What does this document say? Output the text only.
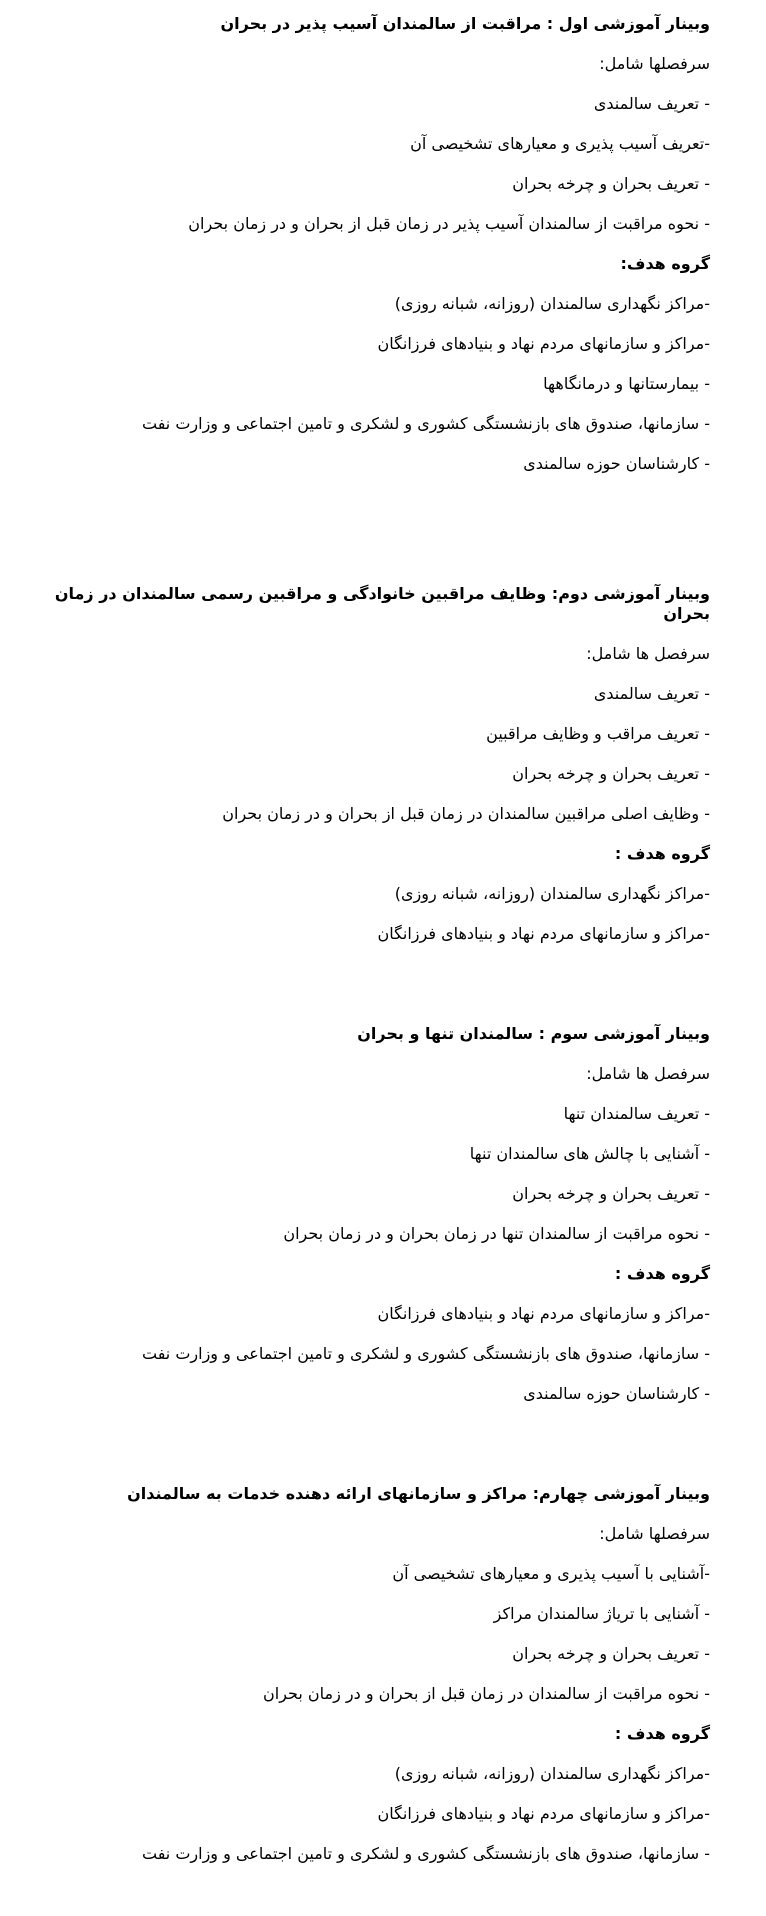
وبینار آموزشی اول : مراقبت از سالمندان آسیب پذیر در بحران

سرفصلها شامل:

- تعریف سالمندی

-تعریف آسیب پذیری و معیارهای تشخیصی آن

- تعریف بحران و چرخه بحران

- نحوه مراقبت از سالمندان آسیب پذیر در زمان قبل از بحران و در زمان بحران

گروه هدف:

-مراکز نگهداری سالمندان (روزانه، شبانه روزی)

-مراکز و سازمانهای مردم نهاد و بنیادهای فرزانگان

- بیمارستانها و درمانگاهها

- سازمانها، صندوق های بازنشستگی کشوری و لشکری و تامین اجتماعی و وزارت نفت

- کارشناسان حوزه سالمندی

وبینار آموزشی دوم: وظایف مراقبین خانوادگی و مراقبین رسمی سالمندان در زمان بحران

سرفصل ها شامل:

- تعریف سالمندی

- تعریف مراقب و وظایف مراقبین

- تعریف بحران و چرخه بحران

- وظایف اصلی مراقبین سالمندان در زمان قبل از بحران و در زمان بحران

گروه هدف :

-مراکز نگهداری سالمندان (روزانه، شبانه روزی)

-مراکز و سازمانهای مردم نهاد و بنیادهای فرزانگان

وبینار آموزشی سوم : سالمندان تنها و بحران

سرفصل ها شامل:

- تعریف سالمندان تنها

- آشنایی با چالش های سالمندان تنها

- تعریف بحران و چرخه بحران

- نحوه مراقبت از سالمندان تنها در زمان بحران و در زمان بحران

گروه هدف :

-مراکز و سازمانهای مردم نهاد و بنیادهای فرزانگان

- سازمانها، صندوق های بازنشستگی کشوری و لشکری و تامین اجتماعی و وزارت نفت

- کارشناسان حوزه سالمندی

وبینار آموزشی چهارم: مراکز و سازمانهای ارائه دهنده خدمات به سالمندان

سرفصلها شامل:

-آشنایی با آسیب پذیری و معیارهای تشخیصی آن

- آشنایی با تریاژ سالمندان مراکز

- تعریف بحران و چرخه بحران

- نحوه مراقبت از سالمندان در زمان قبل از بحران و در زمان بحران

گروه هدف :

-مراکز نگهداری سالمندان (روزانه، شبانه روزی)

-مراکز و سازمانهای مردم نهاد و بنیادهای فرزانگان

- سازمانها، صندوق های بازنشستگی کشوری و لشکری و تامین اجتماعی و وزارت نفت
